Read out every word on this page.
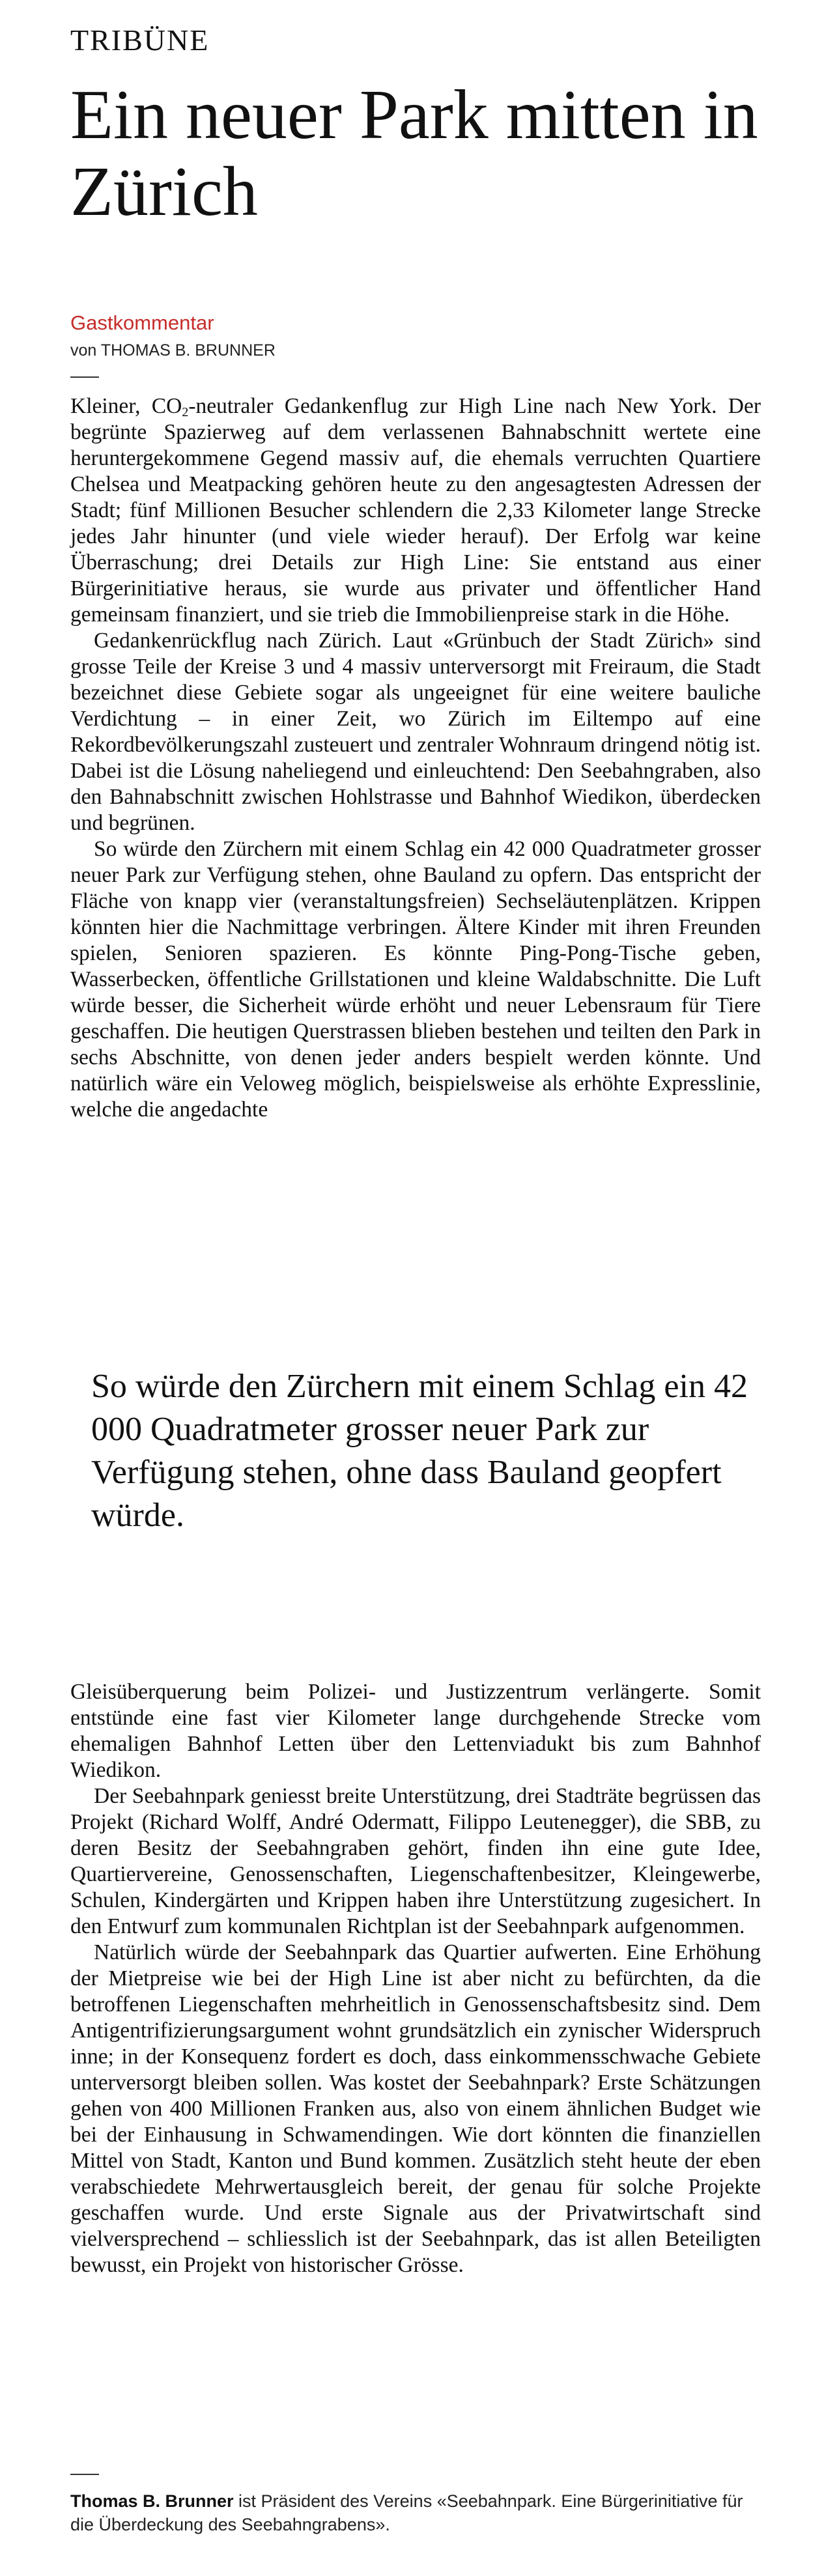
TRIBÜNE
Ein neuer Park mitten in Zürich
Gastkommentar
von THOMAS B. BRUNNER

Kleiner, $CO_2$-neutraler Gedankenflug zur High Line nach New York. Der begrünte Spazierweg auf dem verlassenen Bahnabschnitt wertete eine heruntergekommene Gegend massiv auf, die ehemals verruchten Quartiere Chelsea und Meatpacking gehören heute zu den angesagtesten Adressen der Stadt; fünf Millionen Besucher schlendern die 2,33 Kilometer lange Strecke jedes Jahr hinunter (und viele wieder herauf). Der Erfolg war keine Überraschung; drei Details zur High Line: Sie entstand aus einer Bürgerinitiative heraus, sie wurde aus privater und öffentlicher Hand gemeinsam finanziert, und sie trieb die Immobilienpreise stark in die Höhe.

Gedankenrückflug nach Zürich. Laut «Grünbuch der Stadt Zürich» sind grosse Teile der Kreise 3 und 4 massiv unterversorgt mit Freiraum, die Stadt bezeichnet diese Gebiete sogar als ungeeignet für eine weitere bauliche Verdichtung – in einer Zeit, wo Zürich im Eiltempo auf eine Rekordbevölkerungszahl zusteuert und zentraler Wohnraum dringend nötig ist. Dabei ist die Lösung naheliegend und einleuchtend: Den Seebahngraben, also den Bahnabschnitt zwischen Hohlstrasse und Bahnhof Wiedikon, überdecken und begrünen.

So würde den Zürchern mit einem Schlag ein 42 000 Quadratmeter grosser neuer Park zur Verfügung stehen, ohne Bauland zu opfern. Das entspricht der Fläche von knapp vier (veranstaltungsfreien) Sechseläutenplätzen. Krippen könnten hier die Nachmittage verbringen. Ältere Kinder mit ihren Freunden spielen, Senioren spazieren. Es könnte Ping-Pong-Tische geben, Wasserbecken, öffentliche Grillstationen und kleine Waldabschnitte. Die Luft würde besser, die Sicherheit würde erhöht und neuer Lebensraum für Tiere geschaffen. Die heutigen Querstrassen blieben bestehen und teilten den Park in sechs Abschnitte, von denen jeder anders bespielt werden könnte. Und natürlich wäre ein Veloweg möglich, beispielsweise als erhöhte Expresslinie, welche die angedachte

So würde den Zürchern mit einem Schlag ein 42 000 Quadratmeter grosser neuer Park zur Verfügung stehen, ohne dass Bauland geopfert würde.

Gleisüberquerung beim Polizei- und Justizzentrum verlängerte. Somit entstünde eine fast vier Kilometer lange durchgehende Strecke vom ehemaligen Bahnhof Letten über den Lettenviadukt bis zum Bahnhof Wiedikon.

Der Seebahnpark geniesst breite Unterstützung, drei Stadträte begrüssen das Projekt (Richard Wolff, André Odermatt, Filippo Leutenegger), die SBB, zu deren Besitz der Seebahngraben gehört, finden ihn eine gute Idee, Quartiervereine, Genossenschaften, Liegenschaftenbesitzer, Kleingewerbe, Schulen, Kindergärten und Krippen haben ihre Unterstützung zugesichert. In den Entwurf zum kommunalen Richtplan ist der Seebahnpark aufgenommen.

Natürlich würde der Seebahnpark das Quartier aufwerten. Eine Erhöhung der Mietpreise wie bei der High Line ist aber nicht zu befürchten, da die betroffenen Liegenschaften mehrheitlich in Genossenschaftsbesitz sind. Dem Antigentrifizierungsargument wohnt grundsätzlich ein zynischer Widerspruch inne; in der Konsequenz fordert es doch, dass einkommensschwache Gebiete unterversorgt bleiben sollen. Was kostet der Seebahnpark? Erste Schätzungen gehen von 400 Millionen Franken aus, also von einem ähnlichen Budget wie bei der Einhausung in Schwamendingen. Wie dort könnten die finanziellen Mittel von Stadt, Kanton und Bund kommen. Zusätzlich steht heute der eben verabschiedete Mehrwertausgleich bereit, der genau für solche Projekte geschaffen wurde. Und erste Signale aus der Privatwirtschaft sind vielversprechend – schliesslich ist der Seebahnpark, das ist allen Beteiligten bewusst, ein Projekt von historischer Grösse.

Thomas B. Brunner ist Präsident des Vereins «Seebahnpark. Eine Bürgerinitiative für die Überdeckung des Seebahngrabens».
